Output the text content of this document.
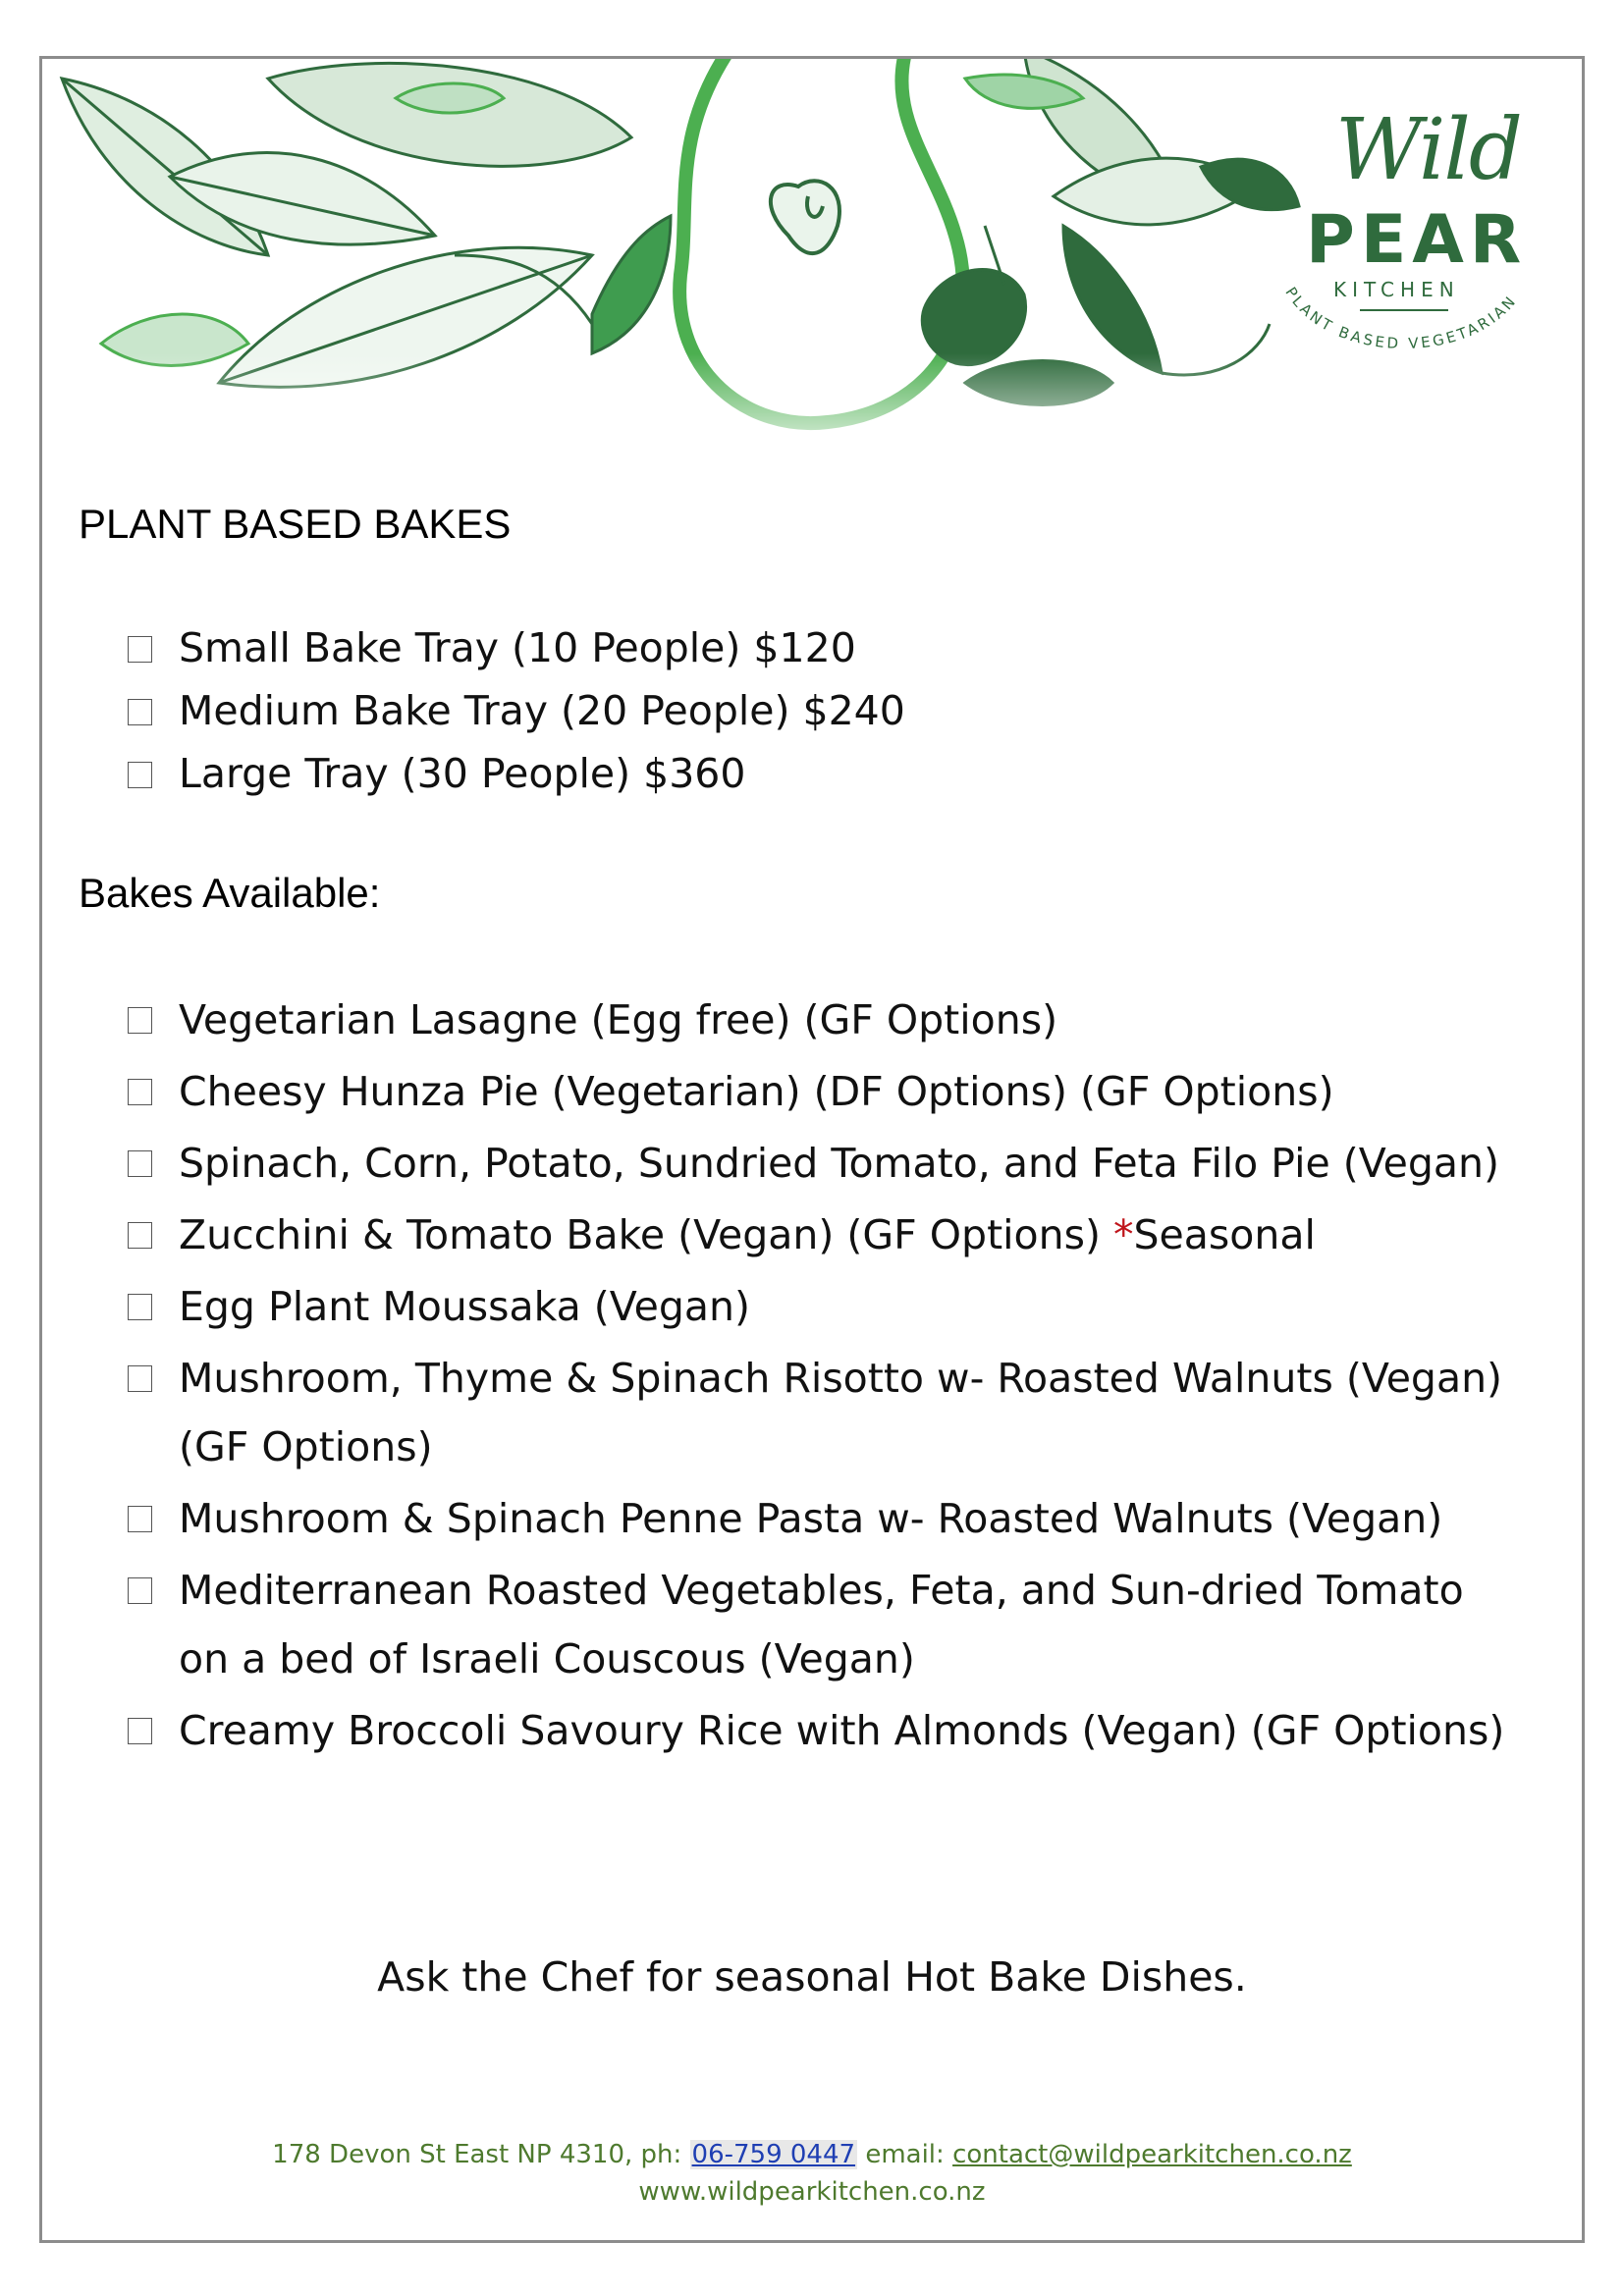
Wild
PEAR
KITCHEN
PLANT BASED VEGETARIAN
PLANT BASED BAKES
Small Bake Tray (10 People) $120
Medium Bake Tray (20 People) $240
Large Tray (30 People) $360
Bakes Available:
Vegetarian Lasagne (Egg free) (GF Options)
Cheesy Hunza Pie (Vegetarian) (DF Options) (GF Options)
Spinach, Corn, Potato, Sundried Tomato, and Feta Filo Pie (Vegan)
Zucchini & Tomato Bake (Vegan) (GF Options) *Seasonal
Egg Plant Moussaka (Vegan)
Mushroom, Thyme & Spinach Risotto w- Roasted Walnuts (Vegan)
(GF Options)
Mushroom & Spinach Penne Pasta w- Roasted Walnuts (Vegan)
Mediterranean Roasted Vegetables, Feta, and Sun-dried Tomato
on a bed of Israeli Couscous (Vegan)
Creamy Broccoli Savoury Rice with Almonds (Vegan) (GF Options)
Ask the Chef for seasonal Hot Bake Dishes.
178 Devon St East NP 4310, ph: 06-759 0447 email: contact@wildpearkitchen.co.nz
www.wildpearkitchen.co.nz
